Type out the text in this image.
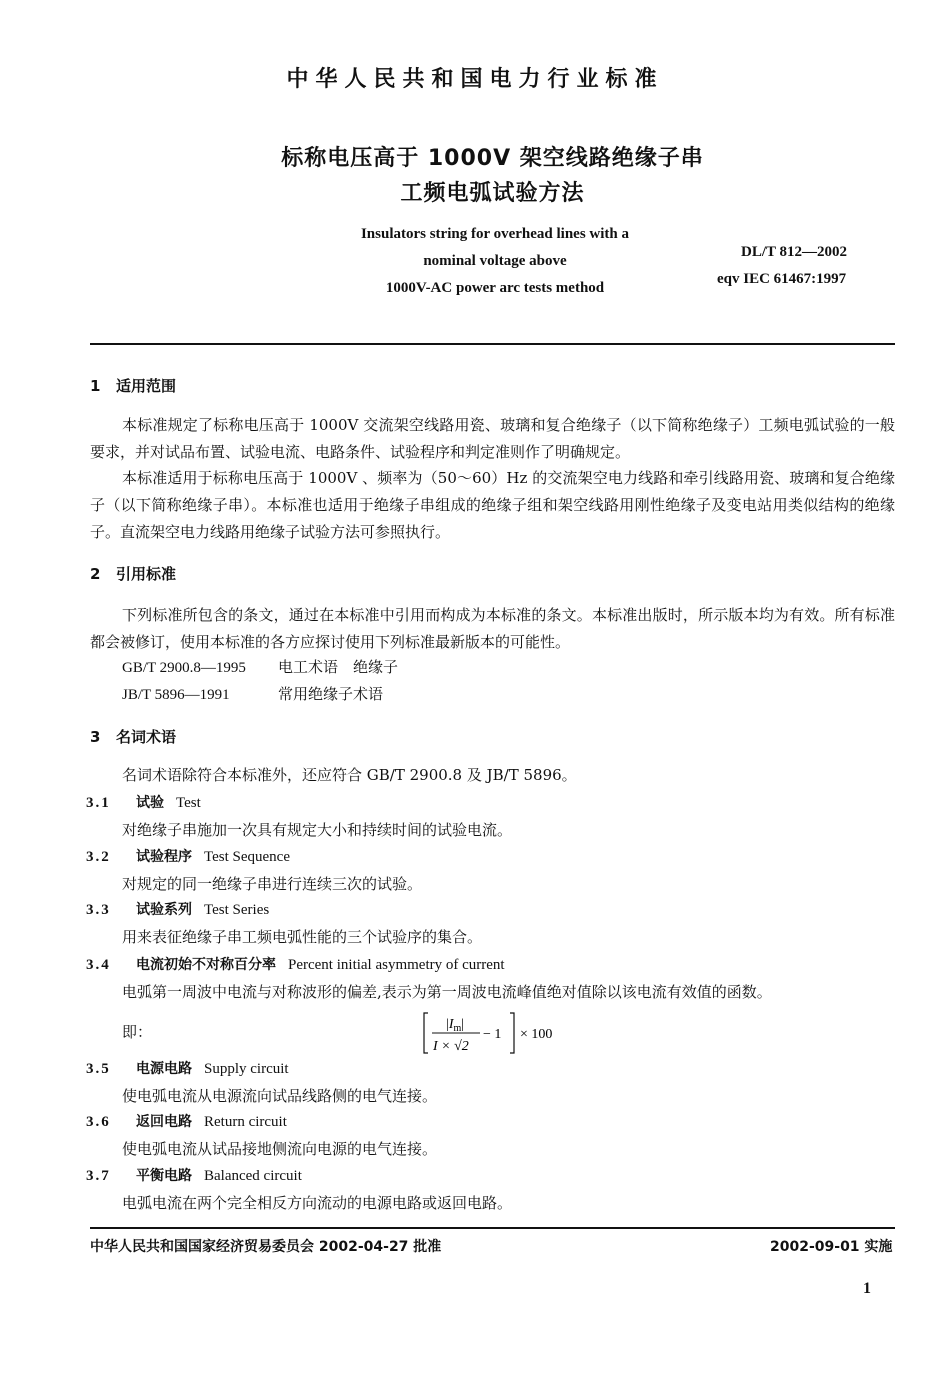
中华人民共和国电力行业标准
标称电压高于 1000V 架空线路绝缘子串
工频电弧试验方法
Insulators string for overhead lines with a
nominal voltage above
1000V-AC power arc tests method
DL/T 812—2002
eqv IEC 61467:1997
1 适用范围
本标准规定了标称电压高于 1000V 交流架空线路用瓷、玻璃和复合绝缘子（以下简称绝缘子）工频电弧试验的一般要求，并对试品布置、试验电流、电路条件、试验程序和判定准则作了明确规定。
本标准适用于标称电压高于 1000V 、频率为（50～60）Hz 的交流架空电力线路和牵引线路用瓷、玻璃和复合绝缘子（以下简称绝缘子串）。本标准也适用于绝缘子串组成的绝缘子组和架空线路用刚性绝缘子及变电站用类似结构的绝缘子。直流架空电力线路用绝缘子试验方法可参照执行。
2 引用标准
下列标准所包含的条文，通过在本标准中引用而构成为本标准的条文。本标准出版时，所示版本均为有效。所有标准都会被修订，使用本标准的各方应探讨使用下列标准最新版本的可能性。
GB/T 2900.8—1995 电工术语　绝缘子
JB/T 5896—1991	常用绝缘子术语
3 名词术语
名词术语除符合本标准外，还应符合 GB/T 2900.8 及 JB/T 5896。
3.1 试验 Test
对绝缘子串施加一次具有规定大小和持续时间的试验电流。
3.2 试验程序 Test Sequence
对规定的同一绝缘子串进行连续三次的试验。
3.3 试验系列 Test Series
用来表征绝缘子串工频电弧性能的三个试验序的集合。
3.4 电流初始不对称百分率 Percent initial asymmetry of current
电弧第一周波中电流与对称波形的偏差,表示为第一周波电流峰值绝对值除以该电流有效值的函数。
即：	$|I_m|$
I × √2
− 1 × 100
3.5 电源电路 Supply circuit
使电弧电流从电源流向试品线路侧的电气连接。
3.6 返回电路 Return circuit
使电弧电流从试品接地侧流向电源的电气连接。
3.7 平衡电路 Balanced circuit
电弧电流在两个完全相反方向流动的电源电路或返回电路。
中华人民共和国国家经济贸易委员会 2002-04-27 批准	2002-09-01 实施
1
